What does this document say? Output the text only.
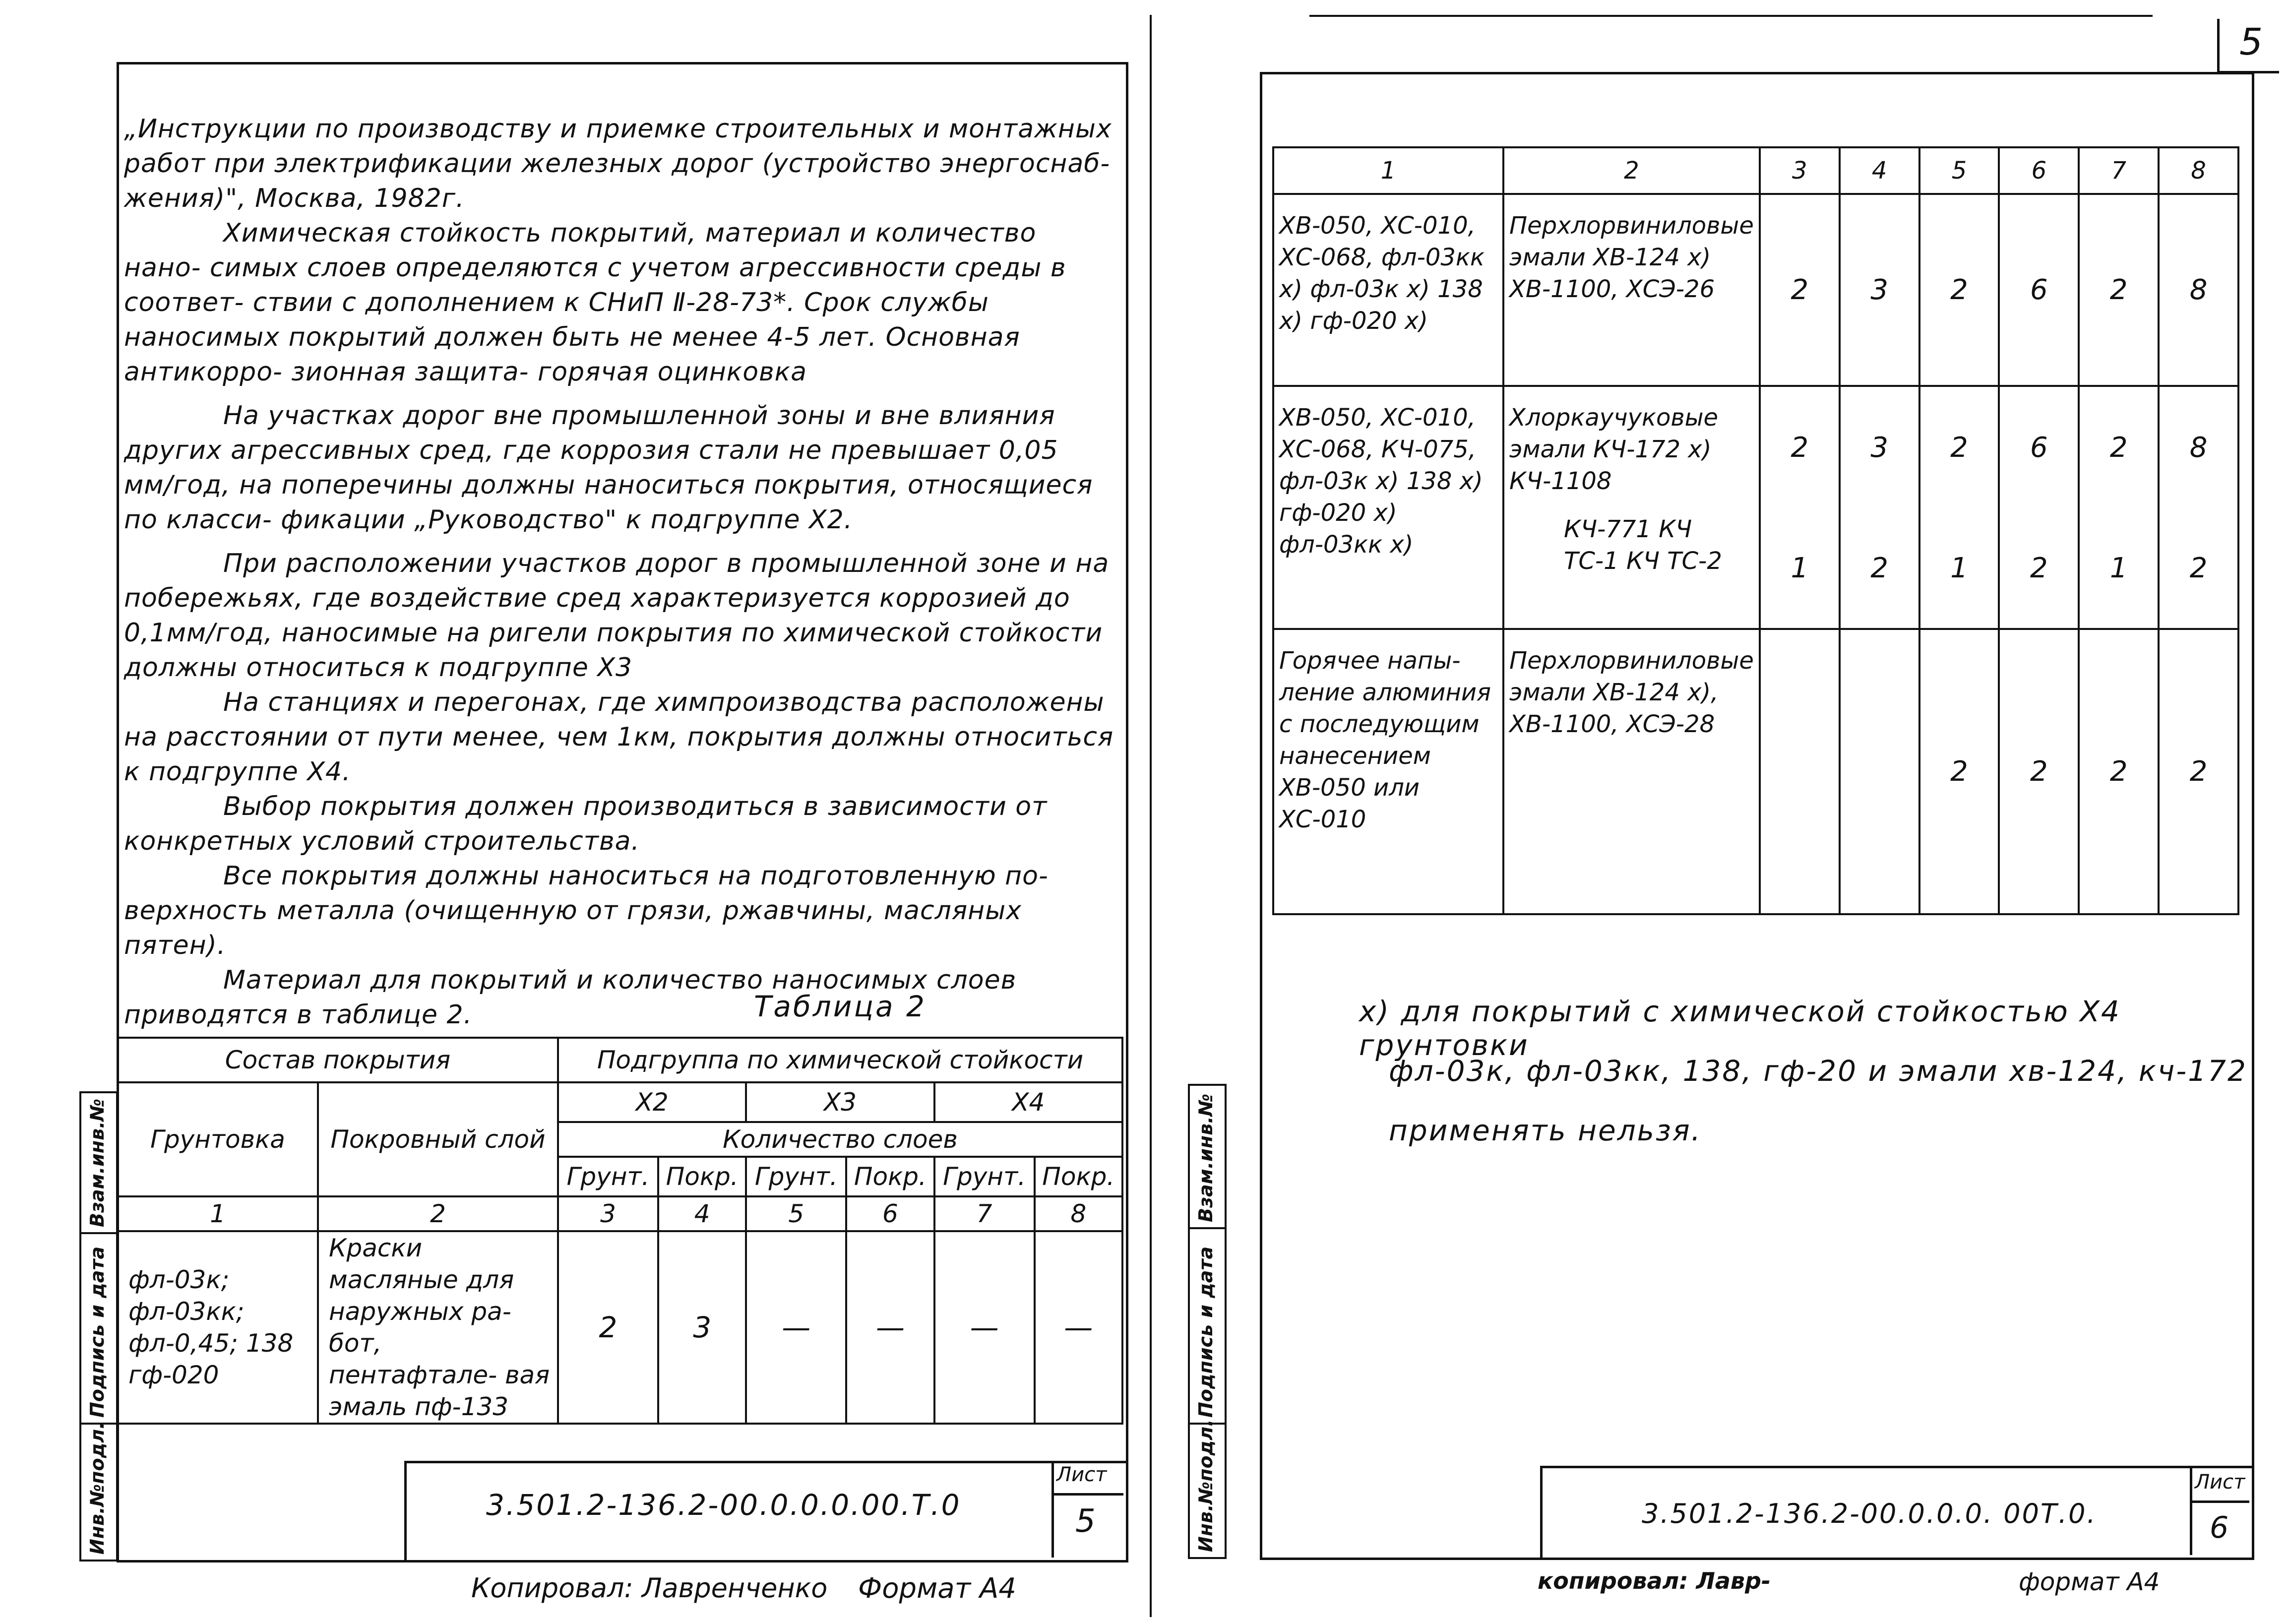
„Инструкции по производству и приемке строительных и монтажных работ при электрификации железных дорог (устройство энергоснаб- жения)", Москва, 1982г.

Химическая стойкость покрытий, материал и количество нано- симых слоев определяются с учетом агрессивности среды в соответ- ствии с дополнением к СНиП Ⅱ-28-73*. Срок службы наносимых покрытий должен быть не менее 4-5 лет. Основная антикорро- зионная защита- горячая оцинковка

На участках дорог вне промышленной зоны и вне влияния других агрессивных сред, где коррозия стали не превышает 0,05 мм/год, на поперечины должны наноситься покрытия, относящиеся по класси- фикации „Руководство" к подгруппе Х2.

При расположении участков дорог в промышленной зоне и на побережьях, где воздействие сред характеризуется коррозией до 0,1мм/год, наносимые на ригели покрытия по химической стойкости должны относиться к подгруппе Х3

На станциях и перегонах, где химпроизводства расположены на расстоянии от пути менее, чем 1км, покрытия должны относиться к подгруппе Х4.

Выбор покрытия должен производиться в зависимости от конкретных условий строительства.

Все покрытия должны наноситься на подготовленную по- верхность металла (очищенную от грязи, ржавчины, масляных пятен).

Материал для покрытий и количество наносимых слоев приводятся в таблице 2.	Таблица 2
Состав покрытия		Подгруппа по химической стойкости					
Грунтовка	Покровный слой	Х2		Х3		Х4	
		Количество слоев					
		Грунт.	Покр.	Грунт.	Покр.	Грунт.	Покр.
1	2	3	4	5	6	7	8
фл-03к; фл-03кк; фл-0,45; 138 гф-020	Краски масляные для наружных ра- бот, пентафтале- вая эмаль пф-133	2	3	—	—	—	—
Взам.инв.№
Подпись и дата
Инв.№подл.	3.501.2-136.2-00.0.0.0.00.Т.0
Лист
5
Копировал: Лавренченко Формат А4
5
1	2	3	4	5	6	7	8
ХВ-050, ХС-010, ХС-068, фл-03кк х) фл-03к х) 138 х) гф-020 х)	Перхлорвиниловые эмали ХВ-124 х) ХВ-1100, ХСЭ-26	2	3	2	6	2	8
ХВ-050, ХС-010, ХС-068, КЧ-075, фл-03к х) 138 х) гф-020 х) фл-03кк х)	Хлоркаучуковые эмали КЧ-172 х) КЧ-1108	2	3	2	6	2	8
	КЧ-771 КЧ ТС-1 КЧ ТС-2	1	2	1	2	1	2
Горячее напы- ление алюминия с последующим нанесением ХВ-050 или ХС-010	Перхлорвиниловые эмали ХВ-124 х), ХВ-1100, ХСЭ-28			2	2	2	2
х) для покрытий с химической стойкостью Х4 грунтовки
фл-03к, фл-03кк, 138, гф-20 и эмали хв-124, кч-172
применять нельзя.
Взам.инв.№
Подпись и дата
Инв.№подл.	3.501.2-136.2-00.0.0.0. 00Т.0.
Лист
6
копировал: Лавр-	формат А4
